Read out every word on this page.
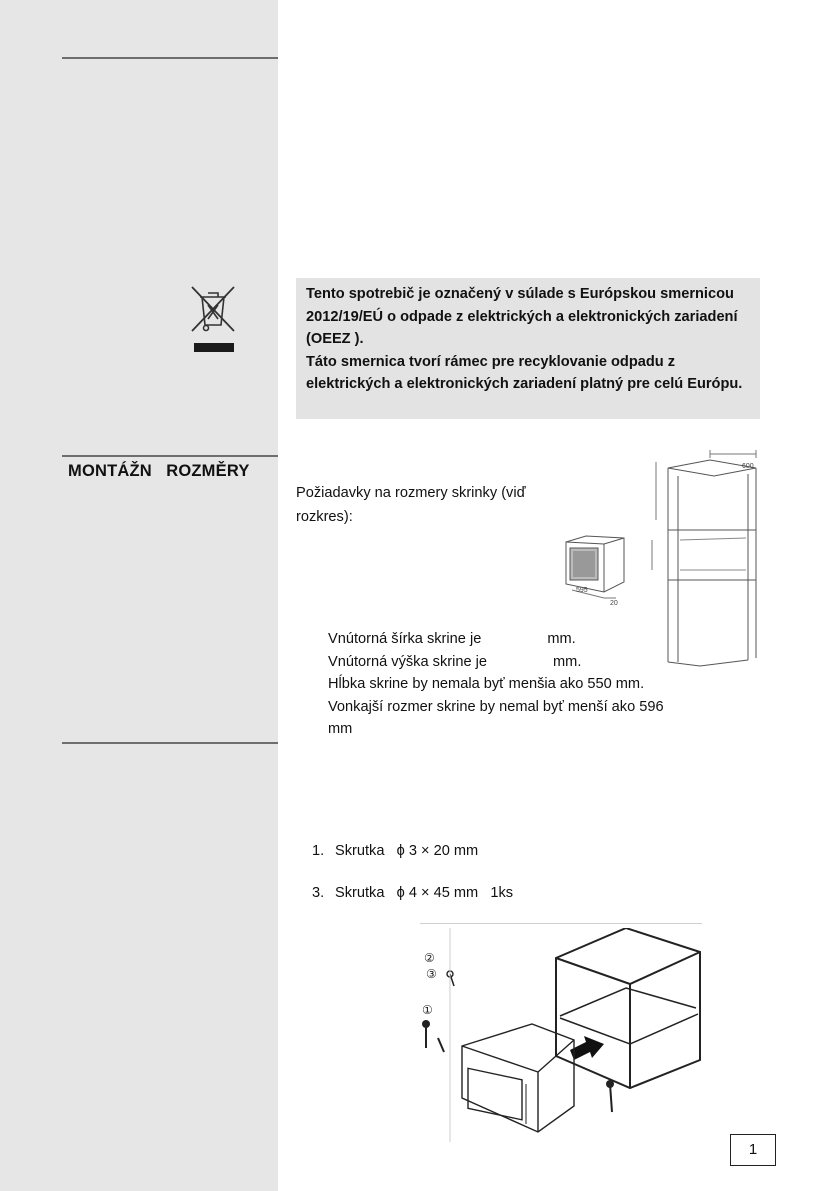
MONTÁŽN   ROZMĚRY

Tento spotrebič je označený v súlade s Európskou smernicou 2012/19/EÚ o odpade z elektrických a elektronických zariadení (OEEZ ).

Táto smernica tvorí rámec pre recyklovanie odpadu z elektrických a elektronických zariadení platný pre celú Európu.

Požiadavky na rozmery skrinky (viď rozkres):
600
595
20
Vnútorná šírka skrine je	mm.
Vnútorná výška skrine je	mm.
Hĺbka skrine by nemala byť menšia ako 550 mm.
Vonkajší rozmer skrine by nemal byť menší ako 596 mm
1. Skrutka   ϕ 3 × 20 mm
3. Skrutka   ϕ 4 × 45 mm   1ks
①
②
③
1
